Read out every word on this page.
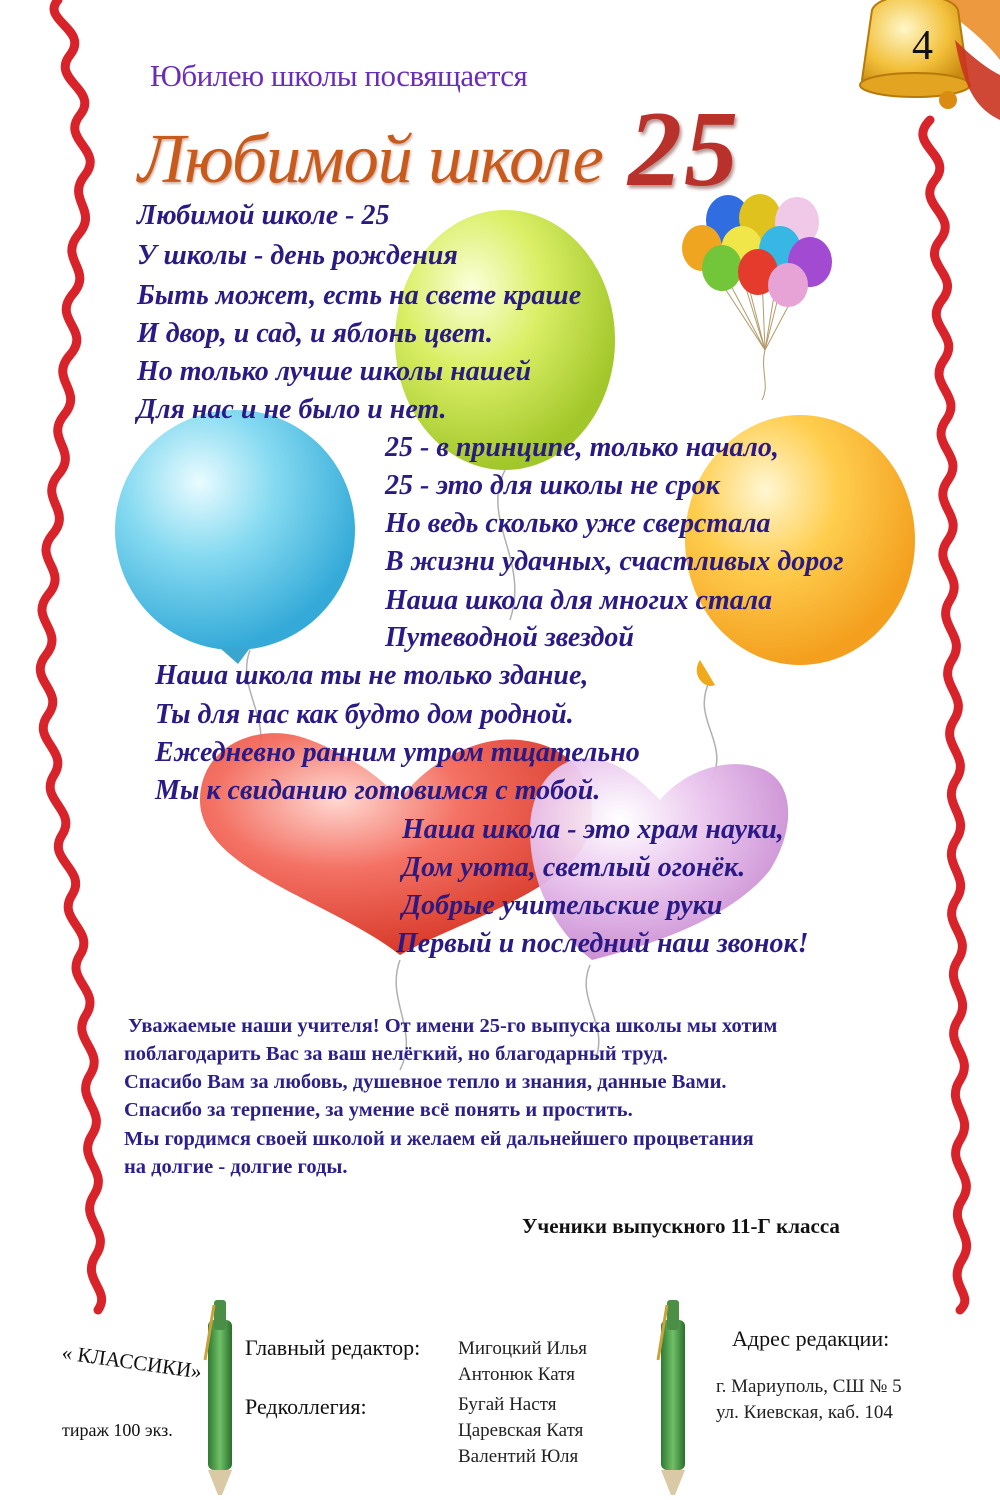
4
Юбилею школы посвящается
Любимой школе 25
Любимой школе - 25
У школы - день рождения
Быть может, есть на свете краше
И двор, и сад, и яблонь цвет.
Но только лучше школы нашей
Для нас и не было и нет.
25 - в принципе, только начало,
25 - это для школы не срок
Но ведь сколько уже сверстала
В жизни удачных, счастливых дорог
Наша школа для многих стала
Путеводной звездой
Наша школа ты не только здание,
Ты для нас как будто дом родной.
Ежедневно ранним утром тщательно
Мы к свиданию готовимся с тобой.
Наша школа - это храм науки,
Дом уюта, светлый огонёк.
Добрые учительские руки
Первый и последний наш звонок!
Уважаемые наши учителя! От имени 25-го выпуска школы мы хотим
поблагодарить Вас за ваш нелёгкий, но благодарный труд.
Спасибо Вам за любовь, душевное тепло и знания, данные Вами.
Спасибо за терпение, за умение всё понять и простить.
Мы гордимся своей школой и желаем ей дальнейшего процветания
на долгие - долгие годы.
Ученики выпускного 11-Г класса
« КЛАССИКИ»
тираж 100 экз.
Главный редактор: Мигоцкий Илья
Антонюк Катя
Редколлегия:	Бугай Настя
Царевская Катя
Валентий Юля
Адрес редакции:
г. Мариуполь, СШ № 5
ул. Киевская, каб. 104
